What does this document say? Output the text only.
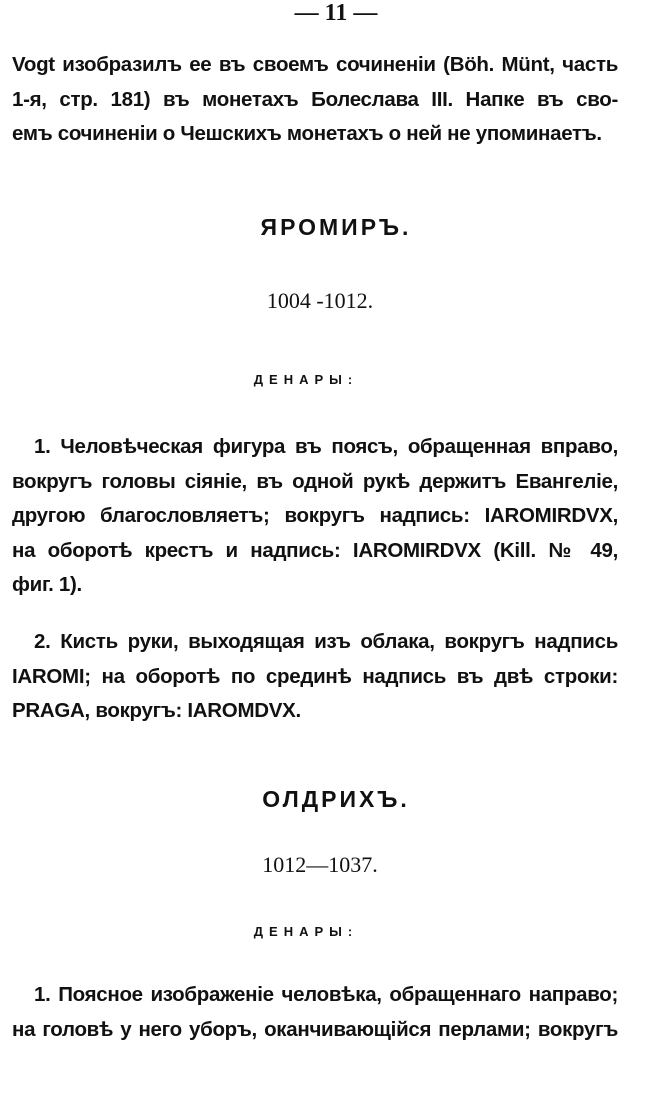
— 11 —
Vogt изобразилъ ее въ своемъ сочиненіи (Böh. Münt, часть
1-я, стр. 181) въ монетахъ Болеслава III. Напке въ сво-
емъ сочиненіи о Чешскихъ монетахъ о ней не упоминаетъ.
ЯРОМИРЪ.
1004 -1012.
ДЕНАРЫ:
1. Человѣческая фигура въ поясъ, обращенная вправо,
вокругъ головы сіяніе, въ одной рукѣ держитъ Евангеліе,
другою благословляетъ; вокругъ надпись: IAROMIRDVX,
на оборотѣ крестъ и надпись: IAROMIRDVX (Kill. № 49,
фиг. 1).
2. Кисть руки, выходящая изъ облака, вокругъ надпись
IAROMI; на оборотѣ по срединѣ надпись въ двѣ строки:
PRAGA, вокругъ: IAROMDVX.
ОЛДРИХЪ.
1012—1037.
ДЕНАРЫ:
1. Поясное изображеніе человѣка, обращеннаго направо;
на головѣ у него уборъ, оканчивающійся перлами; вокругъ
